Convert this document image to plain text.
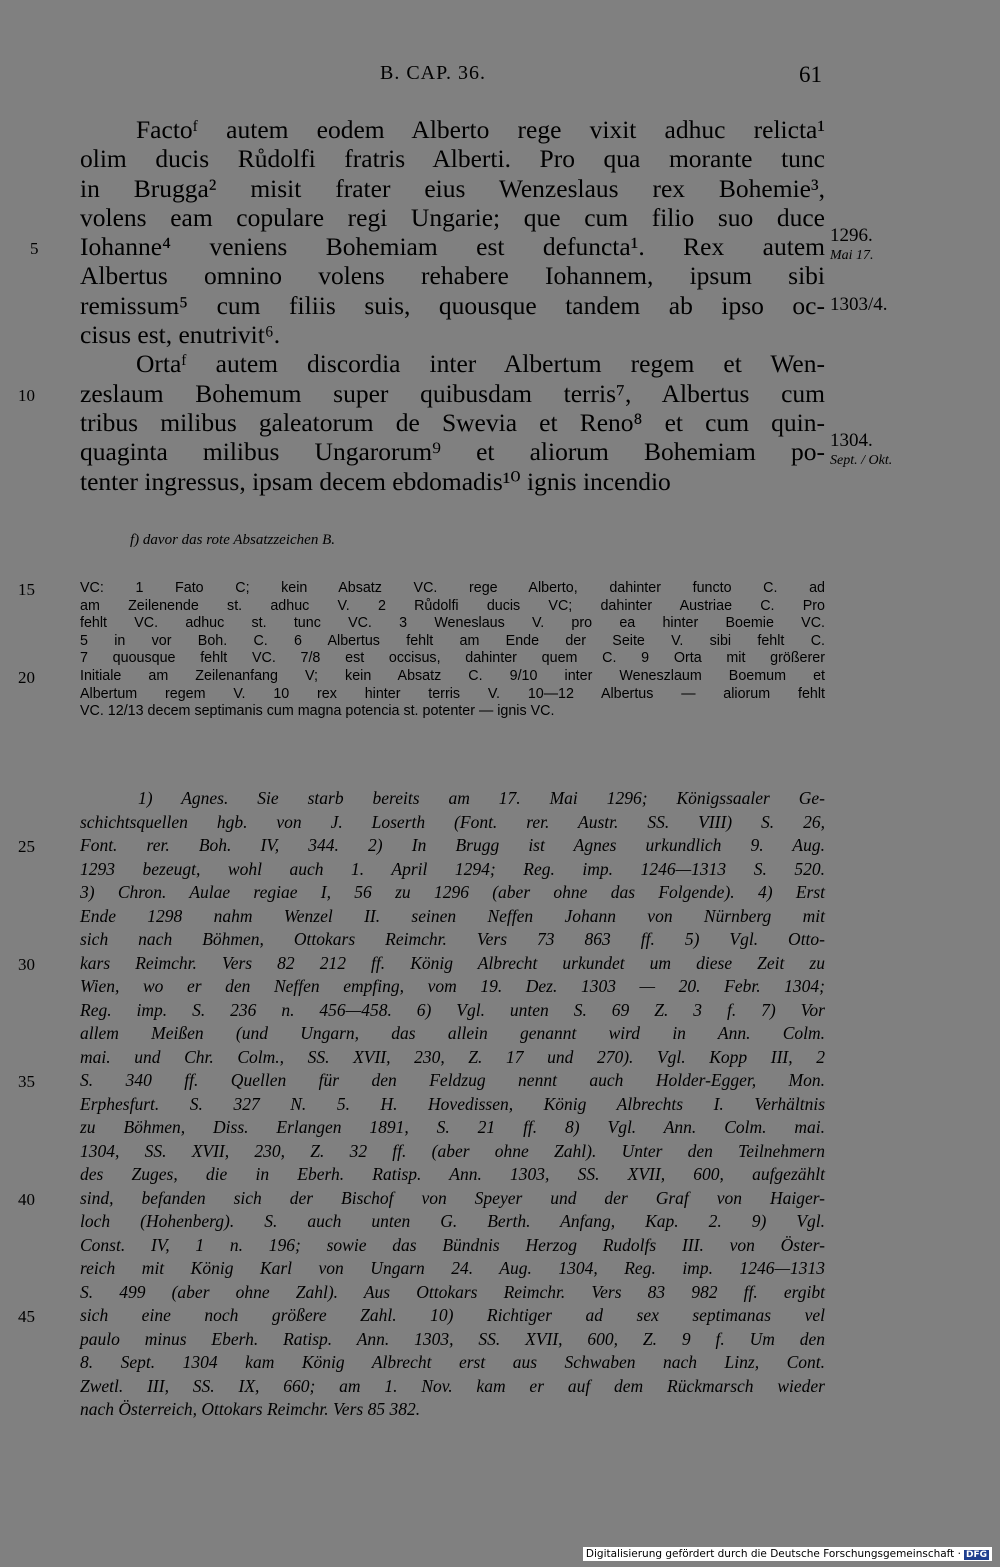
B. CAP. 36.	61
Factoᶠ autem eodem Alberto rege vixit adhuc relicta¹
olim ducis Růdolfi fratris Alberti. Pro qua morante tunc
in Brugga² misit frater eius Wenzeslaus rex Bohemie³,
volens eam copulare regi Ungarie; que cum filio suo duce
Iohanne⁴ veniens Bohemiam est defuncta¹. Rex autem
Albertus omnino volens rehabere Iohannem, ipsum sibi
remissum⁵ cum filiis suis, quousque tandem ab ipso oc-
cisus est, enutrivit⁶.
Ortaᶠ autem discordia inter Albertum regem et Wen-
zeslaum Bohemum super quibusdam terris⁷, Albertus cum
tribus milibus galeatorum de Swevia et Reno⁸ et cum quin-
quaginta milibus Ungarorum⁹ et aliorum Bohemiam po-
tenter ingressus, ipsam decem ebdomadis¹⁰ ignis incendio
5
10
1296.
Mai 17.
1303/4.
1304.
Sept. / Okt.
f) davor das rote Absatzzeichen B.
VC: 1 Fato C; kein Absatz VC. rege Alberto, dahinter functo C. ad
am Zeilenende st. adhuc V. 2 Růdolfi ducis VC; dahinter Austriae C. Pro
fehlt VC. adhuc st. tunc VC. 3 Weneslaus V. pro ea hinter Boemie VC.
5 in vor Boh. C. 6 Albertus fehlt am Ende der Seite V. sibi fehlt C.
7 quousque fehlt VC. 7/8 est occisus, dahinter quem C. 9 Orta mit größerer
Initiale am Zeilenanfang V; kein Absatz C. 9/10 inter Weneszlaum Boemum et
Albertum regem V. 10 rex hinter terris V. 10—12 Albertus — aliorum fehlt
VC. 12/13 decem septimanis cum magna potencia st. potenter — ignis VC.
15
20
1) Agnes. Sie starb bereits am 17. Mai 1296; Königssaaler Ge-
schichtsquellen hgb. von J. Loserth (Font. rer. Austr. SS. VIII) S. 26,
Font. rer. Boh. IV, 344. 2) In Brugg ist Agnes urkundlich 9. Aug.
1293 bezeugt, wohl auch 1. April 1294; Reg. imp. 1246—1313 S. 520.
3) Chron. Aulae regiae I, 56 zu 1296 (aber ohne das Folgende). 4) Erst
Ende 1298 nahm Wenzel II. seinen Neffen Johann von Nürnberg mit
sich nach Böhmen, Ottokars Reimchr. Vers 73 863 ff. 5) Vgl. Otto-
kars Reimchr. Vers 82 212 ff. König Albrecht urkundet um diese Zeit zu
Wien, wo er den Neffen empfing, vom 19. Dez. 1303 — 20. Febr. 1304;
Reg. imp. S. 236 n. 456—458. 6) Vgl. unten S. 69 Z. 3 f. 7) Vor
allem Meißen (und Ungarn, das allein genannt wird in Ann. Colm.
mai. und Chr. Colm., SS. XVII, 230, Z. 17 und 270). Vgl. Kopp III, 2
S. 340 ff. Quellen für den Feldzug nennt auch Holder-Egger, Mon.
Erphesfurt. S. 327 N. 5. H. Hovedissen, König Albrechts I. Verhältnis
zu Böhmen, Diss. Erlangen 1891, S. 21 ff. 8) Vgl. Ann. Colm. mai.
1304, SS. XVII, 230, Z. 32 ff. (aber ohne Zahl). Unter den Teilnehmern
des Zuges, die in Eberh. Ratisp. Ann. 1303, SS. XVII, 600, aufgezählt
sind, befanden sich der Bischof von Speyer und der Graf von Haiger-
loch (Hohenberg). S. auch unten G. Berth. Anfang, Kap. 2. 9) Vgl.
Const. IV, 1 n. 196; sowie das Bündnis Herzog Rudolfs III. von Öster-
reich mit König Karl von Ungarn 24. Aug. 1304, Reg. imp. 1246—1313
S. 499 (aber ohne Zahl). Aus Ottokars Reimchr. Vers 83 982 ff. ergibt
sich eine noch größere Zahl. 10) Richtiger ad sex septimanas vel
paulo minus Eberh. Ratisp. Ann. 1303, SS. XVII, 600, Z. 9 f. Um den
8. Sept. 1304 kam König Albrecht erst aus Schwaben nach Linz, Cont.
Zwetl. III, SS. IX, 660; am 1. Nov. kam er auf dem Rückmarsch wieder
nach Österreich, Ottokars Reimchr. Vers 85 382.
25
30
35
40
45
Digitalisierung gefördert durch die Deutsche Forschungsgemeinschaft · DFG
